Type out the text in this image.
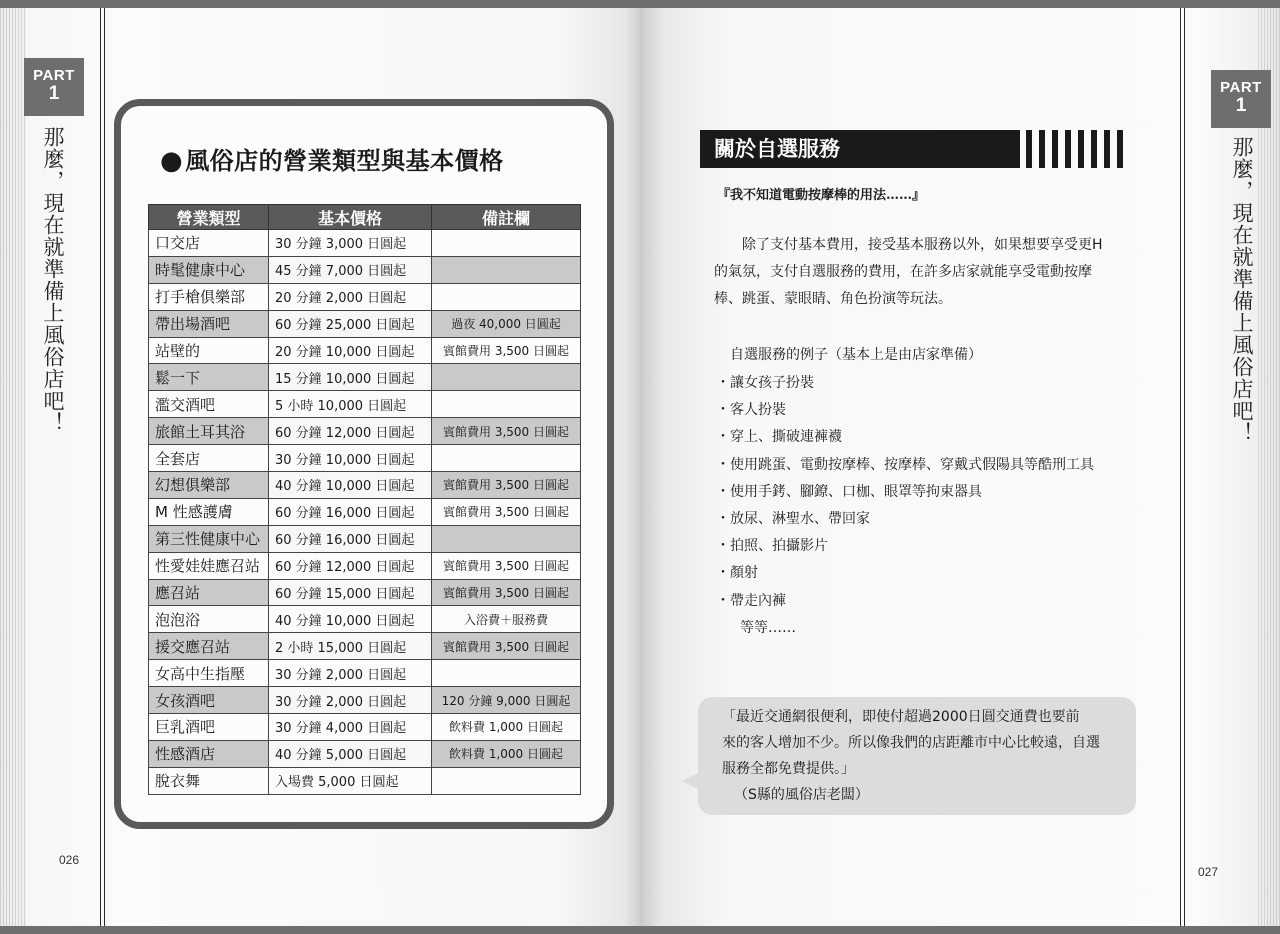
PART
1
那麼，現在就準備上風俗店吧！
026
●風俗店的營業類型與基本價格
營業類型	基本價格	備註欄
口交店	30 分鐘 3,000 日圓起	
時髦健康中心	45 分鐘 7,000 日圓起	
打手槍俱樂部	20 分鐘 2,000 日圓起	
帶出場酒吧	60 分鐘 25,000 日圓起	過夜 40,000 日圓起
站壁的	20 分鐘 10,000 日圓起	賓館費用 3,500 日圓起
鬆一下	15 分鐘 10,000 日圓起	
濫交酒吧	5 小時 10,000 日圓起	
旅館土耳其浴	60 分鐘 12,000 日圓起	賓館費用 3,500 日圓起
全套店	30 分鐘 10,000 日圓起	
幻想俱樂部	40 分鐘 10,000 日圓起	賓館費用 3,500 日圓起
M 性感護膚	60 分鐘 16,000 日圓起	賓館費用 3,500 日圓起
第三性健康中心	60 分鐘 16,000 日圓起	
性愛娃娃應召站	60 分鐘 12,000 日圓起	賓館費用 3,500 日圓起
應召站	60 分鐘 15,000 日圓起	賓館費用 3,500 日圓起
泡泡浴	40 分鐘 10,000 日圓起	入浴費＋服務費
援交應召站	2 小時 15,000 日圓起	賓館費用 3,500 日圓起
女高中生指壓	30 分鐘 2,000 日圓起	
女孩酒吧	30 分鐘 2,000 日圓起	120 分鐘 9,000 日圓起
巨乳酒吧	30 分鐘 4,000 日圓起	飲料費 1,000 日圓起
性感酒店	40 分鐘 5,000 日圓起	飲料費 1,000 日圓起
脫衣舞	入場費 5,000 日圓起	
PART
1
那麼，現在就準備上風俗店吧！
027
關於自選服務
『我不知道電動按摩棒的用法……』
除了支付基本費用，接受基本服務以外，如果想要享受更H
的氣氛，支付自選服務的費用，在許多店家就能享受電動按摩
棒、跳蛋、蒙眼睛、角色扮演等玩法。
自選服務的例子（基本上是由店家準備）
・讓女孩子扮裝
・客人扮裝
・穿上、撕破連褲襪
・使用跳蛋、電動按摩棒、按摩棒、穿戴式假陽具等酷刑工具
・使用手銬、腳鐐、口枷、眼罩等拘束器具
・放尿、淋聖水、帶回家
・拍照、拍攝影片
・顏射
・帶走內褲
等等……
「最近交通網很便利，即使付超過2000日圓交通費也要前
來的客人增加不少。所以像我們的店距離市中心比較遠，自選
服務全都免費提供。」
（S縣的風俗店老闆）
